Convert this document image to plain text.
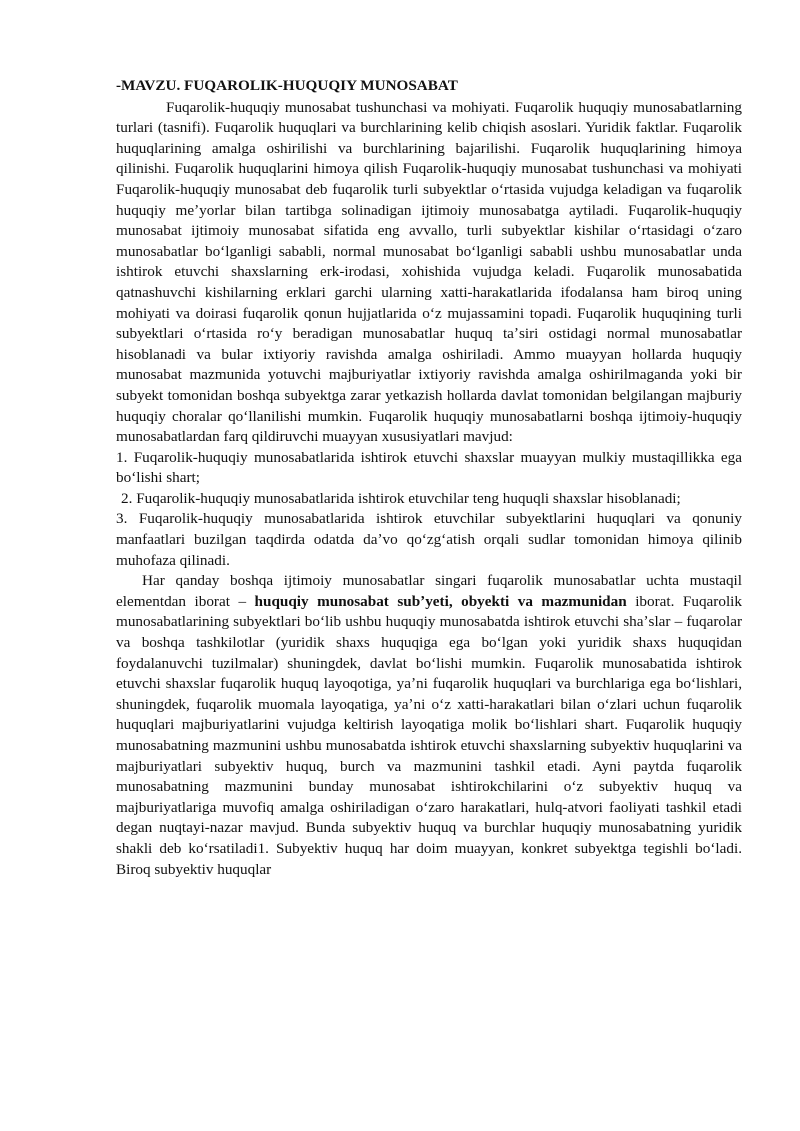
-MAVZU. FUQAROLIK-HUQUQIY MUNOSABAT

Fuqarolik-huquqiy munosabat tushunchasi va mohiyati. Fuqarolik huquqiy munosabatlarning turlari (tasnifi). Fuqarolik huquqlari va burchlarining kelib chiqish asoslari. Yuridik faktlar. Fuqarolik huquqlarining amalga oshirilishi va burchlarining bajarilishi. Fuqarolik huquqlarining himoya qilinishi. Fuqarolik huquqlarini himoya qilish Fuqarolik-huquqiy munosabat tushunchasi va mohiyati Fuqarolik-huquqiy munosabat deb fuqarolik turli subyektlar oʻrtasida vujudga keladigan va fuqarolik huquqiy meʼyorlar bilan tartibga solinadigan ijtimoiy munosabatga aytiladi. Fuqarolik-huquqiy munosabat ijtimoiy munosabat sifatida eng avvallo, turli subyektlar kishilar oʻrtasidagi oʻzaro munosabatlar boʻlganligi sababli, normal munosabat boʻlganligi sababli ushbu munosabatlar unda ishtirok etuvchi shaxslarning erk-irodasi, xohishida vujudga keladi. Fuqarolik munosabatida qatnashuvchi kishilarning erklari garchi ularning xatti-harakatlarida ifodalansa ham biroq uning mohiyati va doirasi fuqarolik qonun hujjatlarida oʻz mujassamini topadi. Fuqarolik huquqining turli subyektlari oʻrtasida roʻy beradigan munosabatlar huquq taʼsiri ostidagi normal munosabatlar hisoblanadi va bular ixtiyoriy ravishda amalga oshiriladi. Ammo muayyan hollarda huquqiy munosabat mazmunida yotuvchi majburiyatlar ixtiyoriy ravishda amalga oshirilmaganda yoki bir subyekt tomonidan boshqa subyektga zarar yetkazish hollarda davlat tomonidan belgilangan majburiy huquqiy choralar qoʻllanilishi mumkin. Fuqarolik huquqiy munosabatlarni boshqa ijtimoiy-huquqiy munosabatlardan farq qildiruvchi muayyan xususiyatlari mavjud:

1. Fuqarolik-huquqiy munosabatlarida ishtirok etuvchi shaxslar muayyan mulkiy mustaqillikka ega boʻlishi shart;

2. Fuqarolik-huquqiy munosabatlarida ishtirok etuvchilar teng huquqli shaxslar hisoblanadi;

3. Fuqarolik-huquqiy munosabatlarida ishtirok etuvchilar subyektlarini huquqlari va qonuniy manfaatlari buzilgan taqdirda odatda daʼvo qoʻzgʻatish orqali sudlar tomonidan himoya qilinib muhofaza qilinadi.

Har qanday boshqa ijtimoiy munosabatlar singari fuqarolik munosabatlar uchta mustaqil elementdan iborat – huquqiy munosabat subʼyeti, obyekti va mazmunidan iborat. Fuqarolik munosabatlarining subyektlari boʻlib ushbu huquqiy munosabatda ishtirok etuvchi shaʼslar – fuqarolar va boshqa tashkilotlar (yuridik shaxs huquqiga ega boʻlgan yoki yuridik shaxs huquqidan foydalanuvchi tuzilmalar) shuningdek, davlat boʻlishi mumkin. Fuqarolik munosabatida ishtirok etuvchi shaxslar fuqarolik huquq layoqotiga, yaʼni fuqarolik huquqlari va burchlariga ega boʻlishlari, shuningdek, fuqarolik muomala layoqatiga, yaʼni oʻz xatti-harakatlari bilan oʻzlari uchun fuqarolik huquqlari majburiyatlarini vujudga keltirish layoqatiga molik boʻlishlari shart. Fuqarolik huquqiy munosabatning mazmunini ushbu munosabatda ishtirok etuvchi shaxslarning subyektiv huquqlarini va majburiyatlari subyektiv huquq, burch va mazmunini tashkil etadi. Ayni paytda fuqarolik munosabatning mazmunini bunday munosabat ishtirokchilarini oʻz subyektiv huquq va majburiyatlariga muvofiq amalga oshiriladigan oʻzaro harakatlari, hulq-atvori faoliyati tashkil etadi degan nuqtayi-nazar mavjud. Bunda subyektiv huquq va burchlar huquqiy munosabatning yuridik shakli deb koʻrsatiladi1. Subyektiv huquq har doim muayyan, konkret subyektga tegishli boʻladi. Biroq subyektiv huquqlar
